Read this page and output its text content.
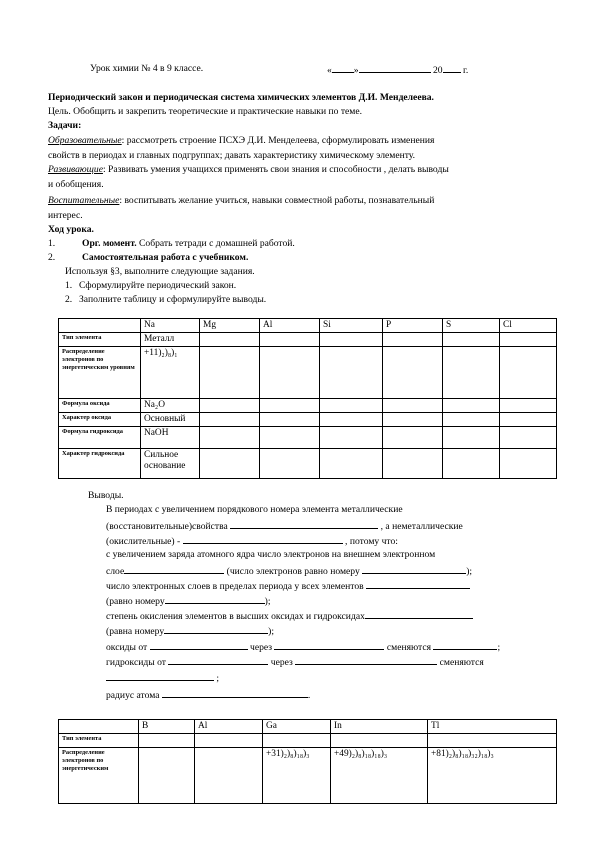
Урок химии № 4 в 9 классе.	« »	20 г.
Периодический закон и периодическая система химических элементов Д.И. Менделеева.
Цель. Обобщить и закрепить теоретические и практические навыки по теме.
Задачи:
Образовательные: рассмотреть строение ПСХЭ Д.И. Менделеева, сформулировать изменения
свойств в периодах и главных подгруппах; давать характеристику химическому элементу.
Развивающие: Развивать умения учащихся применять свои знания и способности , делать выводы
и обобщения.
Воспитательные: воспитывать желание учиться, навыки совместной работы, познавательный
интерес.
Ход урока.
1.	Орг. момент. Собрать тетради с домашней работой.
2.	Самостоятельная работа с учебником.
Используя §3, выполните следующие задания.
1. Сформулируйте периодический закон.
2. Заполните таблицу и сформулируйте выводы.
	Na	Mg	Al	Si	P	S	Cl
Тип элемента	Металл						
Распределение электронов по энергетическим уровням	+11)₂)₈)₁						
Формула оксида	Na₂O						
Характер оксида	Основный						
Формула гидроксида	NaOH						
Характер гидроксида	Сильное основание						
Выводы.
В периодах с увеличением порядкового номера элемента металлические
(восстановительные)свойства	, а неметаллические
(окислительные) -	, потому что:
с увеличением заряда атомного ядра число электронов на внешнем электронном
слое	(число электронов равно номеру	);
число электронных слоев в пределах периода у всех элементов
(равно номеру	);
степень окисления элементов в высших оксидах и гидроксидах
(равна номеру	);
оксиды от	через	сменяются	;
гидроксиды от	через	сменяются
;
радиус атома	.
	B	Al	Ga	In	Tl
Тип элемента					
Распределение электронов по энергетическим			+31)₂)₈)₁₈)₃	+49)₂)₈)₁₈)₁₈)₃	+81)₂)₈)₁₈)₃₂)₁₈)₃
